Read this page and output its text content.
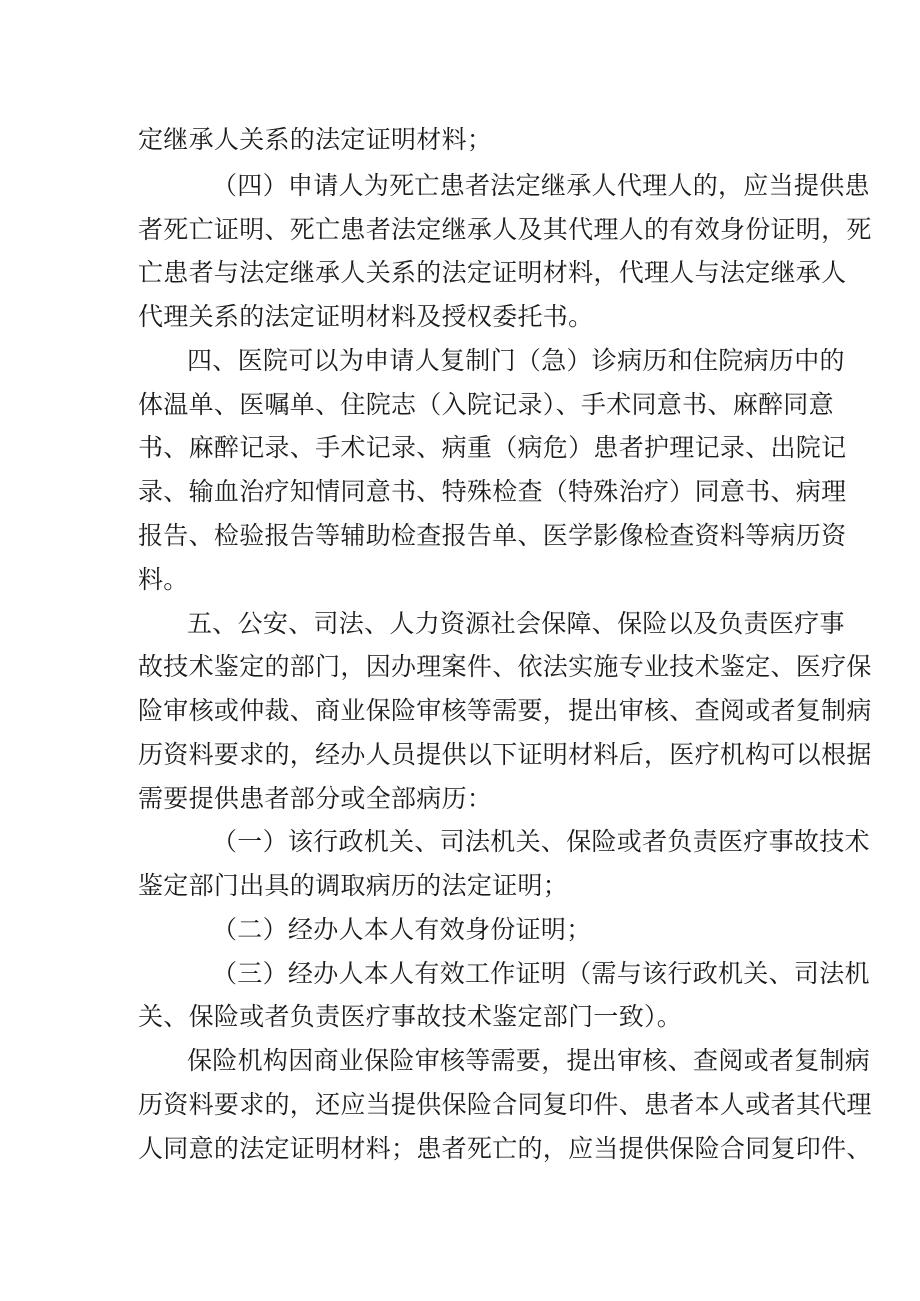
定继承人关系的法定证明材料；
（四）申请人为死亡患者法定继承人代理人的，应当提供患
者死亡证明、死亡患者法定继承人及其代理人的有效身份证明，死
亡患者与法定继承人关系的法定证明材料，代理人与法定继承人
代理关系的法定证明材料及授权委托书。
四、医院可以为申请人复制门（急）诊病历和住院病历中的
体温单、医嘱单、住院志（入院记录）、手术同意书、麻醉同意
书、麻醉记录、手术记录、病重（病危）患者护理记录、出院记
录、输血治疗知情同意书、特殊检查（特殊治疗）同意书、病理
报告、检验报告等辅助检查报告单、医学影像检查资料等病历资
料。
五、公安、司法、人力资源社会保障、保险以及负责医疗事
故技术鉴定的部门，因办理案件、依法实施专业技术鉴定、医疗保
险审核或仲裁、商业保险审核等需要，提出审核、查阅或者复制病
历资料要求的，经办人员提供以下证明材料后，医疗机构可以根据
需要提供患者部分或全部病历：
（一）该行政机关、司法机关、保险或者负责医疗事故技术
鉴定部门出具的调取病历的法定证明；
（二）经办人本人有效身份证明；
（三）经办人本人有效工作证明（需与该行政机关、司法机
关、保险或者负责医疗事故技术鉴定部门一致）。
保险机构因商业保险审核等需要，提出审核、查阅或者复制病
历资料要求的，还应当提供保险合同复印件、患者本人或者其代理
人同意的法定证明材料；患者死亡的，应当提供保险合同复印件、
